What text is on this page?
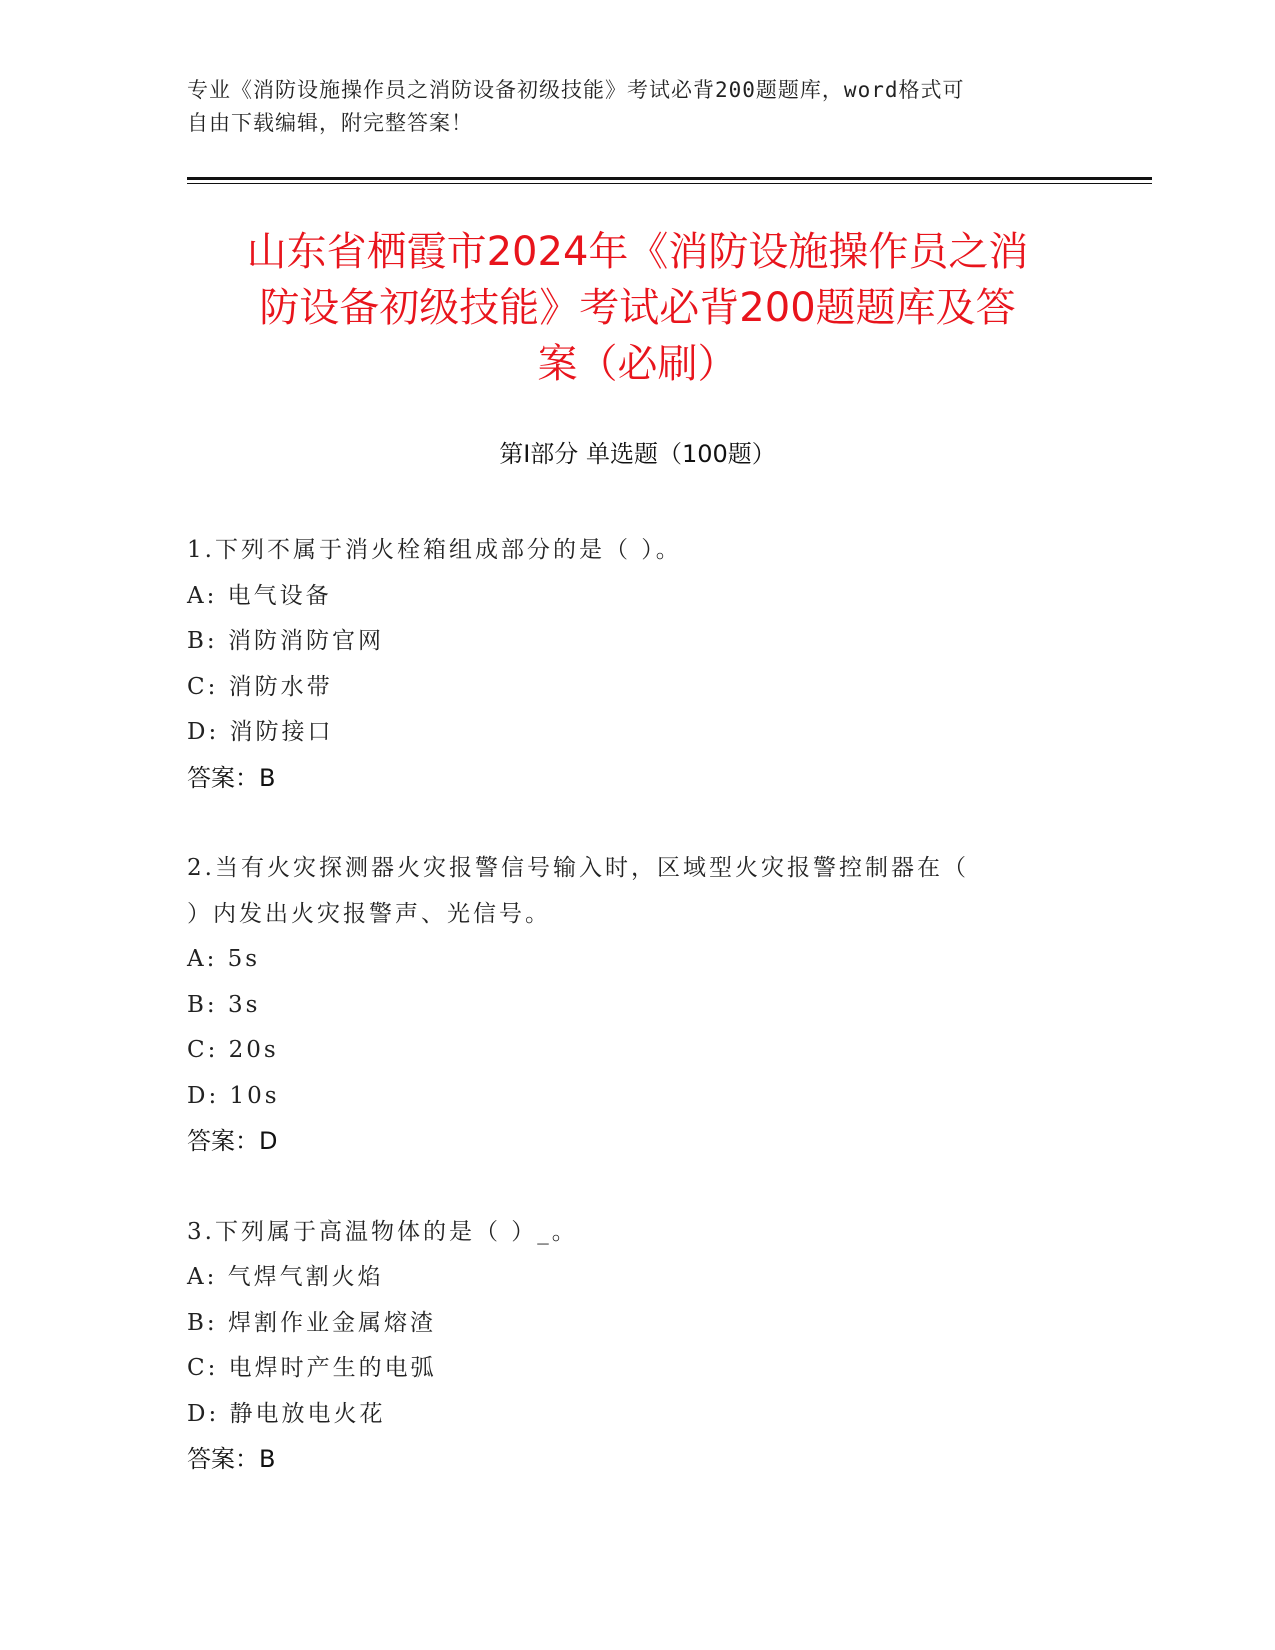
专业《消防设施操作员之消防设备初级技能》考试必背200题题库，word格式可
自由下载编辑，附完整答案！
山东省栖霞市2024年《消防设施操作员之消
防设备初级技能》考试必背200题题库及答
案（必刷）
第Ⅰ部分 单选题（100题）

1.下列不属于消火栓箱组成部分的是（ ）。

A: 电气设备

B: 消防消防官网

C: 消防水带

D: 消防接口

答案：B

2.当有火灾探测器火灾报警信号输入时，区域型火灾报警控制器在（

）内发出火灾报警声、光信号。

A: 5s

B: 3s

C: 20s

D: 10s

答案：D

3.下列属于高温物体的是（ ）_。

A: 气焊气割火焰

B: 焊割作业金属熔渣

C: 电焊时产生的电弧

D: 静电放电火花

答案：B
